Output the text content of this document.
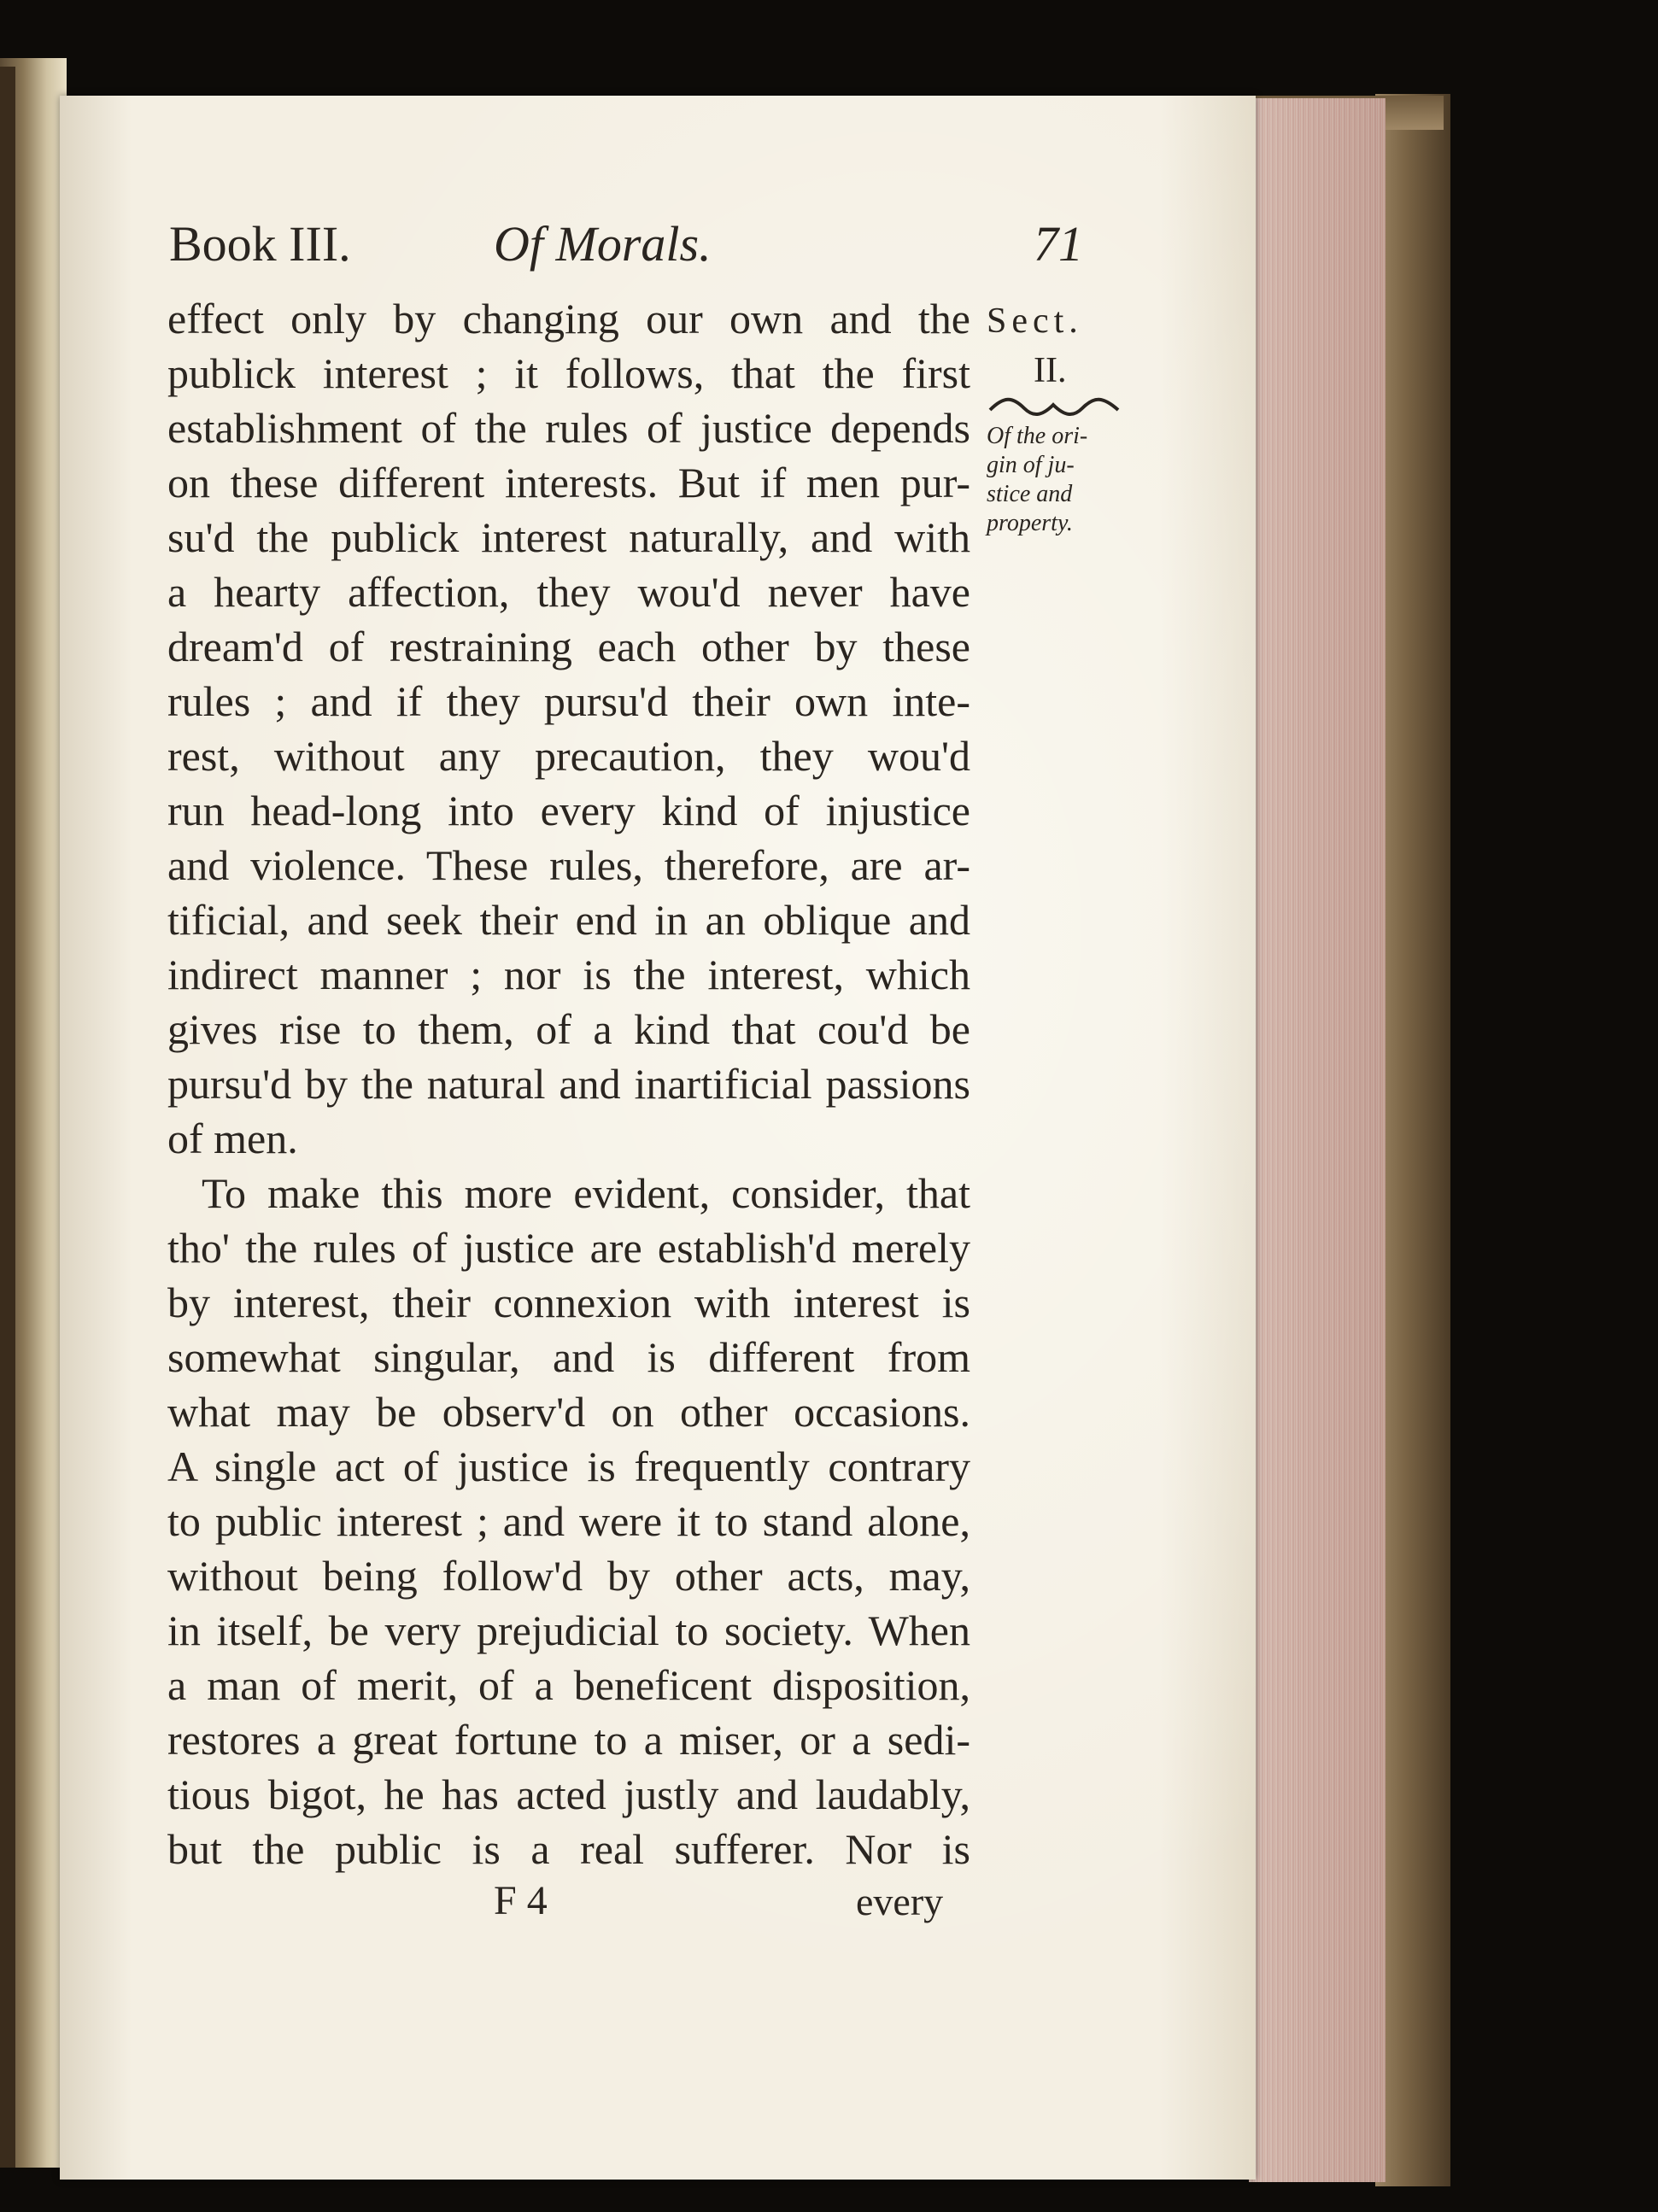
Book III.	Of Morals.	71
Sect.
II.
Of the ori-
gin of ju-
stice and
property.
effect only by changing our own and the
publick interest ; it follows, that the first
establishment of the rules of justice depends
on these different interests. But if men pur-
su'd the publick interest naturally, and with
a hearty affection, they wou'd never have
dream'd of restraining each other by these
rules ; and if they pursu'd their own inte-
rest, without any precaution, they wou'd
run head-long into every kind of injustice
and violence. These rules, therefore, are ar-
tificial, and seek their end in an oblique and
indirect manner ; nor is the interest, which
gives rise to them, of a kind that cou'd be
pursu'd by the natural and inartificial passions
of men.
To make this more evident, consider, that
tho' the rules of justice are establish'd merely
by interest, their connexion with interest is
somewhat singular, and is different from
what may be observ'd on other occasions.
A single act of justice is frequently contrary
to public interest ; and were it to stand alone,
without being follow'd by other acts, may,
in itself, be very prejudicial to society. When
a man of merit, of a beneficent disposition,
restores a great fortune to a miser, or a sedi-
tious bigot, he has acted justly and laudably,
but the public is a real sufferer. Nor is
F 4	every
